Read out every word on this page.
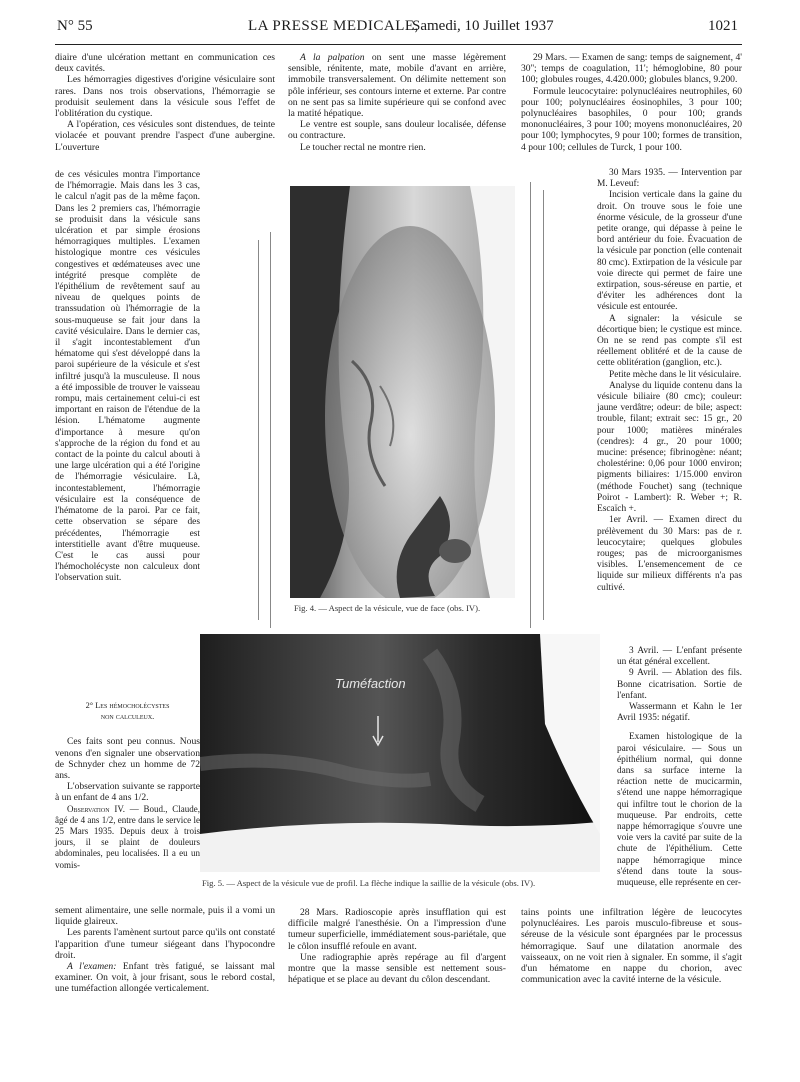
N° 55	LA PRESSE MEDICALE,
Samedi, 10 Juillet 1937	1021

diaire d'une ulcération mettant en communication ces deux cavités.

Les hémorragies digestives d'origine vésiculaire sont rares. Dans nos trois observations, l'hémorragie se produisit seulement dans la vésicule sous l'effet de l'oblitération du cystique.

A l'opération, ces vésicules sont distendues, de teinte violacée et pouvant prendre l'aspect d'une aubergine. L'ouverture

de ces vésicules montra l'importance de l'hémorragie. Mais dans les 3 cas, le calcul n'agit pas de la même façon. Dans les 2 premiers cas, l'hémorragie se produisit dans la vésicule sans ulcération et par simple érosions hémorragiques multiples. L'examen histologique montre ces vésicules congestives et œdémateuses avec une intégrité presque complète de l'épithélium de revêtement sauf au niveau de quelques points de transsudation où l'hémorragie de la sous-muqueuse se fait jour dans la cavité vésiculaire. Dans le dernier cas, il s'agit incontestablement d'un hématome qui s'est développé dans la paroi supérieure de la vésicule et s'est infiltré jusqu'à la musculeuse. Il nous a été impossible de trouver le vaisseau rompu, mais certainement celui-ci est important en raison de l'étendue de la lésion. L'hématome augmente d'importance à mesure qu'on s'approche de la région du fond et au contact de la pointe du calcul abouti à une large ulcération qui a été l'origine de l'hémorragie vésiculaire. Là, incontestablement, l'hémorragie vésiculaire est la conséquence de l'hématome de la paroi. Par ce fait, cette observation se sépare des précédentes, l'hémorragie est interstitielle avant d'être muqueuse. C'est le cas aussi pour l'hémocholécyste non calculeux dont l'observation suit.

2° Les hémocholécystes

non calculeux.

Ces faits sont peu connus. Nous venons d'en signaler une observation de Schnyder chez un homme de 72 ans.

L'observation suivante se rapporte à un enfant de 4 ans 1/2.

Observation IV. — Boud., Claude, âgé de 4 ans 1/2, entre dans le service le 25 Mars 1935. Depuis deux à trois jours, il se plaint de douleurs abdominales, peu localisées. Il a eu un vomis-

sement alimentaire, une selle normale, puis il a vomi un liquide glaireux.

Les parents l'amènent surtout parce qu'ils ont constaté l'apparition d'une tumeur siégeant dans l'hypocondre droit.

A l'examen: Enfant très fatigué, se laissant mal examiner. On voit, à jour frisant, sous le rebord costal, une tuméfaction allongée verticalement.

A la palpation on sent une masse légèrement sensible, rénitente, mate, mobile d'avant en arrière, immobile transversalement. On délimite nettement son pôle inférieur, ses contours interne et externe. Par contre on ne sent pas sa limite supérieure qui se confond avec la matité hépatique.

Le ventre est souple, sans douleur localisée, défense ou contracture.

Le toucher rectal ne montre rien.

Fig. 4. — Aspect de la vésicule, vue de face (obs. IV).
Tuméfaction
Fig. 5. — Aspect de la vésicule vue de profil. La flèche indique la saillie de la vésicule (obs. IV).

28 Mars. Radioscopie après insufflation qui est difficile malgré l'anesthésie. On a l'impression d'une tumeur superficielle, immédiatement sous-pariétale, que le côlon insufflé refoule en avant.

Une radiographie après repérage au fil d'argent montre que la masse sensible est nettement sous-hépatique et se place au devant du côlon descendant.

29 Mars. — Examen de sang: temps de saignement, 4' 30''; temps de coagulation, 11'; hémoglobine, 80 pour 100; globules rouges, 4.420.000; globules blancs, 9.200.

Formule leucocytaire: polynucléaires neutrophiles, 60 pour 100; polynucléaires éosinophiles, 3 pour 100; polynucléaires basophiles, 0 pour 100; grands mononucléaires, 3 pour 100; moyens mononucléaires, 20 pour 100; lymphocytes, 9 pour 100; formes de transition, 4 pour 100; cellules de Turck, 1 pour 100.

30 Mars 1935. — Intervention par M. Leveuf:

Incision verticale dans la gaine du droit. On trouve sous le foie une énorme vésicule, de la grosseur d'une petite orange, qui dépasse à peine le bord antérieur du foie. Évacuation de la vésicule par ponction (elle contenait 80 cmc). Extirpation de la vésicule par voie directe qui permet de faire une extirpation, sous-séreuse en partie, et d'éviter les adhérences dont la vésicule est entourée.

A signaler: la vésicule se décortique bien; le cystique est mince. On ne se rend pas compte s'il est réellement oblitéré et de la cause de cette oblitération (ganglion, etc.).

Petite mèche dans le lit vésiculaire.

Analyse du liquide contenu dans la vésicule biliaire (80 cmc); couleur: jaune verdâtre; odeur: de bile; aspect: trouble, filant; extrait sec: 15 gr., 20 pour 1000; matières minérales (cendres): 4 gr., 20 pour 1000; mucine: présence; fibrinogène: néant; cholestérine: 0,06 pour 1000 environ; pigments biliaires: 1/15.000 environ (méthode Fouchet) sang (technique Poirot - Lambert): R. Weber +; R. Escaïch +.

1er Avril. — Examen direct du prélèvement du 30 Mars: pas de r. leucocytaire; quelques globules rouges; pas de microorganismes visibles. L'ensemencement de ce liquide sur milieux différents n'a pas cultivé.

3 Avril. — L'enfant présente un état général excellent.

9 Avril. — Ablation des fils. Bonne cicatrisation. Sortie de l'enfant.

Wassermann et Kahn le 1er Avril 1935: négatif.

Examen histologique de la paroi vésiculaire. — Sous un épithélium normal, qui donne dans sa surface interne la réaction nette de mucicarmin, s'étend une nappe hémorragique qui infiltre tout le chorion de la muqueuse. Par endroits, cette nappe hémorragique s'ouvre une voie vers la cavité par suite de la chute de l'épithélium. Cette nappe hémorragique mince s'étend dans toute la sous-muqueuse, elle représente en cer-

tains points une infiltration légère de leucocytes polynucléaires. Les parois musculo-fibreuse et sous-séreuse de la vésicule sont épargnées par le processus hémorragique. Sauf une dilatation anormale des vaisseaux, on ne voit rien à signaler. En somme, il s'agit d'un hématome en nappe du chorion, avec communication avec la cavité interne de la vésicule.
